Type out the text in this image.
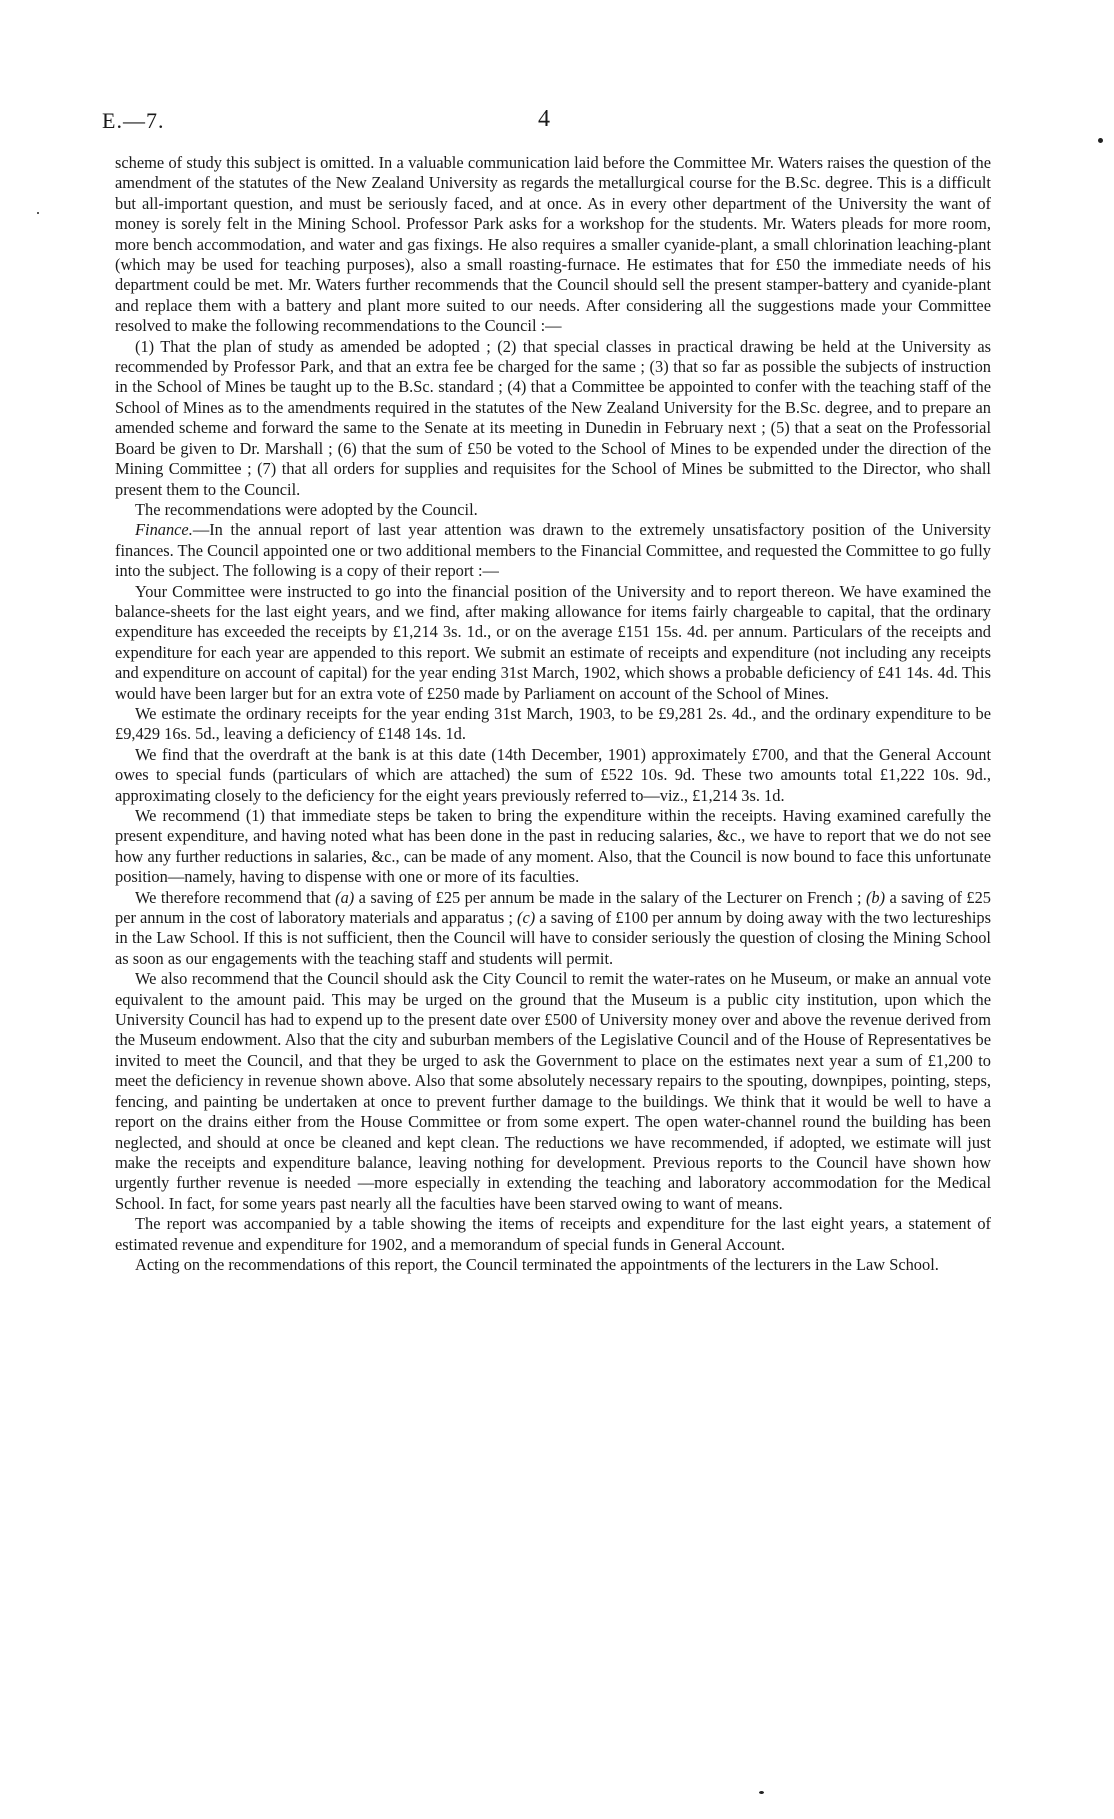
E.—7.	4

scheme of study this subject is omitted. In a valuable communication laid before the Committee Mr. Waters raises the question of the amendment of the statutes of the New Zealand University as regards the metallurgical course for the B.Sc. degree. This is a difficult but all-important question, and must be seriously faced, and at once. As in every other department of the University the want of money is sorely felt in the Mining School. Professor Park asks for a workshop for the students. Mr. Waters pleads for more room, more bench accommodation, and water and gas fixings. He also requires a smaller cyanide-plant, a small chlorination leaching-plant (which may be used for teaching purposes), also a small roasting-furnace. He estimates that for £50 the immediate needs of his department could be met. Mr. Waters further recommends that the Council should sell the present stamper-battery and cyanide-plant and replace them with a battery and plant more suited to our needs. After considering all the suggestions made your Committee resolved to make the following recommendations to the Council :—

(1) That the plan of study as amended be adopted ; (2) that special classes in practical drawing be held at the University as recommended by Professor Park, and that an extra fee be charged for the same ; (3) that so far as possible the subjects of instruction in the School of Mines be taught up to the B.Sc. standard ; (4) that a Committee be appointed to confer with the teaching staff of the School of Mines as to the amendments required in the statutes of the New Zealand University for the B.Sc. degree, and to prepare an amended scheme and forward the same to the Senate at its meeting in Dunedin in February next ; (5) that a seat on the Professorial Board be given to Dr. Marshall ; (6) that the sum of £50 be voted to the School of Mines to be expended under the direction of the Mining Committee ; (7) that all orders for supplies and requisites for the School of Mines be submitted to the Director, who shall present them to the Council.

The recommendations were adopted by the Council.

Finance.—In the annual report of last year attention was drawn to the extremely unsatisfactory position of the University finances. The Council appointed one or two additional members to the Financial Committee, and requested the Committee to go fully into the subject. The following is a copy of their report :—

Your Committee were instructed to go into the financial position of the University and to report thereon. We have examined the balance-sheets for the last eight years, and we find, after making allowance for items fairly chargeable to capital, that the ordinary expenditure has exceeded the receipts by £1,214 3s. 1d., or on the average £151 15s. 4d. per annum. Particulars of the receipts and expenditure for each year are appended to this report. We submit an estimate of receipts and expenditure (not including any receipts and expenditure on account of capital) for the year ending 31st March, 1902, which shows a probable deficiency of £41 14s. 4d. This would have been larger but for an extra vote of £250 made by Parliament on account of the School of Mines.

We estimate the ordinary receipts for the year ending 31st March, 1903, to be £9,281 2s. 4d., and the ordinary expenditure to be £9,429 16s. 5d., leaving a deficiency of £148 14s. 1d.

We find that the overdraft at the bank is at this date (14th December, 1901) approximately £700, and that the General Account owes to special funds (particulars of which are attached) the sum of £522 10s. 9d. These two amounts total £1,222 10s. 9d., approximating closely to the deficiency for the eight years previously referred to—viz., £1,214 3s. 1d.

We recommend (1) that immediate steps be taken to bring the expenditure within the receipts. Having examined carefully the present expenditure, and having noted what has been done in the past in reducing salaries, &c., we have to report that we do not see how any further reductions in salaries, &c., can be made of any moment. Also, that the Council is now bound to face this unfortunate position—namely, having to dispense with one or more of its faculties.

We therefore recommend that (a) a saving of £25 per annum be made in the salary of the Lecturer on French ; (b) a saving of £25 per annum in the cost of laboratory materials and apparatus ; (c) a saving of £100 per annum by doing away with the two lectureships in the Law School. If this is not sufficient, then the Council will have to consider seriously the question of closing the Mining School as soon as our engagements with the teaching staff and students will permit.

We also recommend that the Council should ask the City Council to remit the water-rates on he Museum, or make an annual vote equivalent to the amount paid. This may be urged on the ground that the Museum is a public city institution, upon which the University Council has had to expend up to the present date over £500 of University money over and above the revenue derived from the Museum endowment. Also that the city and suburban members of the Legislative Council and of the House of Representatives be invited to meet the Council, and that they be urged to ask the Government to place on the estimates next year a sum of £1,200 to meet the deficiency in revenue shown above. Also that some absolutely necessary repairs to the spouting, downpipes, pointing, steps, fencing, and painting be undertaken at once to prevent further damage to the buildings. We think that it would be well to have a report on the drains either from the House Committee or from some expert. The open water-channel round the building has been neglected, and should at once be cleaned and kept clean. The reductions we have recommended, if adopted, we estimate will just make the receipts and expenditure balance, leaving nothing for development. Previous reports to the Council have shown how urgently further revenue is needed —more especially in extending the teaching and laboratory accommodation for the Medical School. In fact, for some years past nearly all the faculties have been starved owing to want of means.

The report was accompanied by a table showing the items of receipts and expenditure for the last eight years, a statement of estimated revenue and expenditure for 1902, and a memorandum of special funds in General Account.

Acting on the recommendations of this report, the Council terminated the appointments of the lecturers in the Law School.
